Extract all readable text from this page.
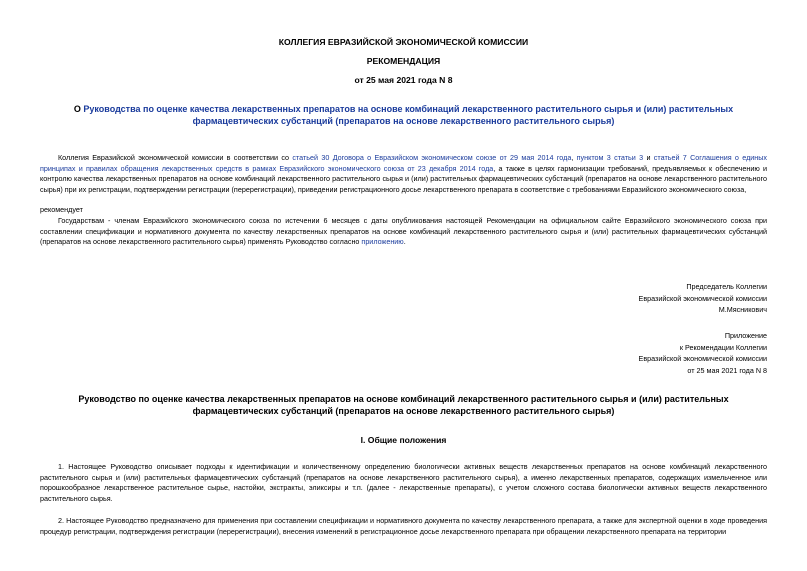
КОЛЛЕГИЯ ЕВРАЗИЙСКОЙ ЭКОНОМИЧЕСКОЙ КОМИССИИ
РЕКОМЕНДАЦИЯ
от 25 мая 2021 года N 8
О Руководства по оценке качества лекарственных препаратов на основе комбинаций лекарственного растительного сырья и (или) растительных фармацевтических субстанций (препаратов на основе лекарственного растительного сырья)
Коллегия Евразийской экономической комиссии в соответствии со статьей 30 Договора о Евразийском экономическом союзе от 29 мая 2014 года, пунктом 3 статьи 3 и статьей 7 Соглашения о единых принципах и правилах обращения лекарственных средств в рамках Евразийского экономического союза от 23 декабря 2014 года, а также в целях гармонизации требований, предъявляемых к обеспечению и контролю качества лекарственных препаратов на основе комбинаций лекарственного растительного сырья и (или) растительных фармацевтических субстанций (препаратов на основе лекарственного растительного сырья) при их регистрации, подтверждении регистрации (перерегистрации), приведении регистрационного досье лекарственного препарата в соответствие с требованиями Евразийского экономического союза,
рекомендует
Государствам - членам Евразийского экономического союза по истечении 6 месяцев с даты опубликования настоящей Рекомендации на официальном сайте Евразийского экономического союза при составлении спецификации и нормативного документа по качеству лекарственных препаратов на основе комбинаций лекарственного растительного сырья и (или) растительных фармацевтических субстанций (препаратов на основе лекарственного растительного сырья) применять Руководство согласно приложению.
Председатель Коллегии
Евразийской экономической комиссии
М.Мясникович
Приложение
к Рекомендации Коллегии
Евразийской экономической комиссии
от 25 мая 2021 года N 8
Руководство по оценке качества лекарственных препаратов на основе комбинаций лекарственного растительного сырья и (или) растительных фармацевтических субстанций (препаратов на основе лекарственного растительного сырья)
I. Общие положения
1. Настоящее Руководство описывает подходы к идентификации и количественному определению биологически активных веществ лекарственных препаратов на основе комбинаций лекарственного растительного сырья и (или) растительных фармацевтических субстанций (препаратов на основе лекарственного растительного сырья), а именно лекарственных препаратов, содержащих измельченное или порошкообразное лекарственное растительное сырье, настойки, экстракты, эликсиры и т.п. (далее - лекарственные препараты), с учетом сложного состава биологически активных веществ лекарственного растительного сырья.
2. Настоящее Руководство предназначено для применения при составлении спецификации и нормативного документа по качеству лекарственного препарата, а также для экспертной оценки в ходе проведения процедур регистрации, подтверждения регистрации (перерегистрации), внесения изменений в регистрационное досье лекарственного препарата при обращении лекарственного препарата на территории
